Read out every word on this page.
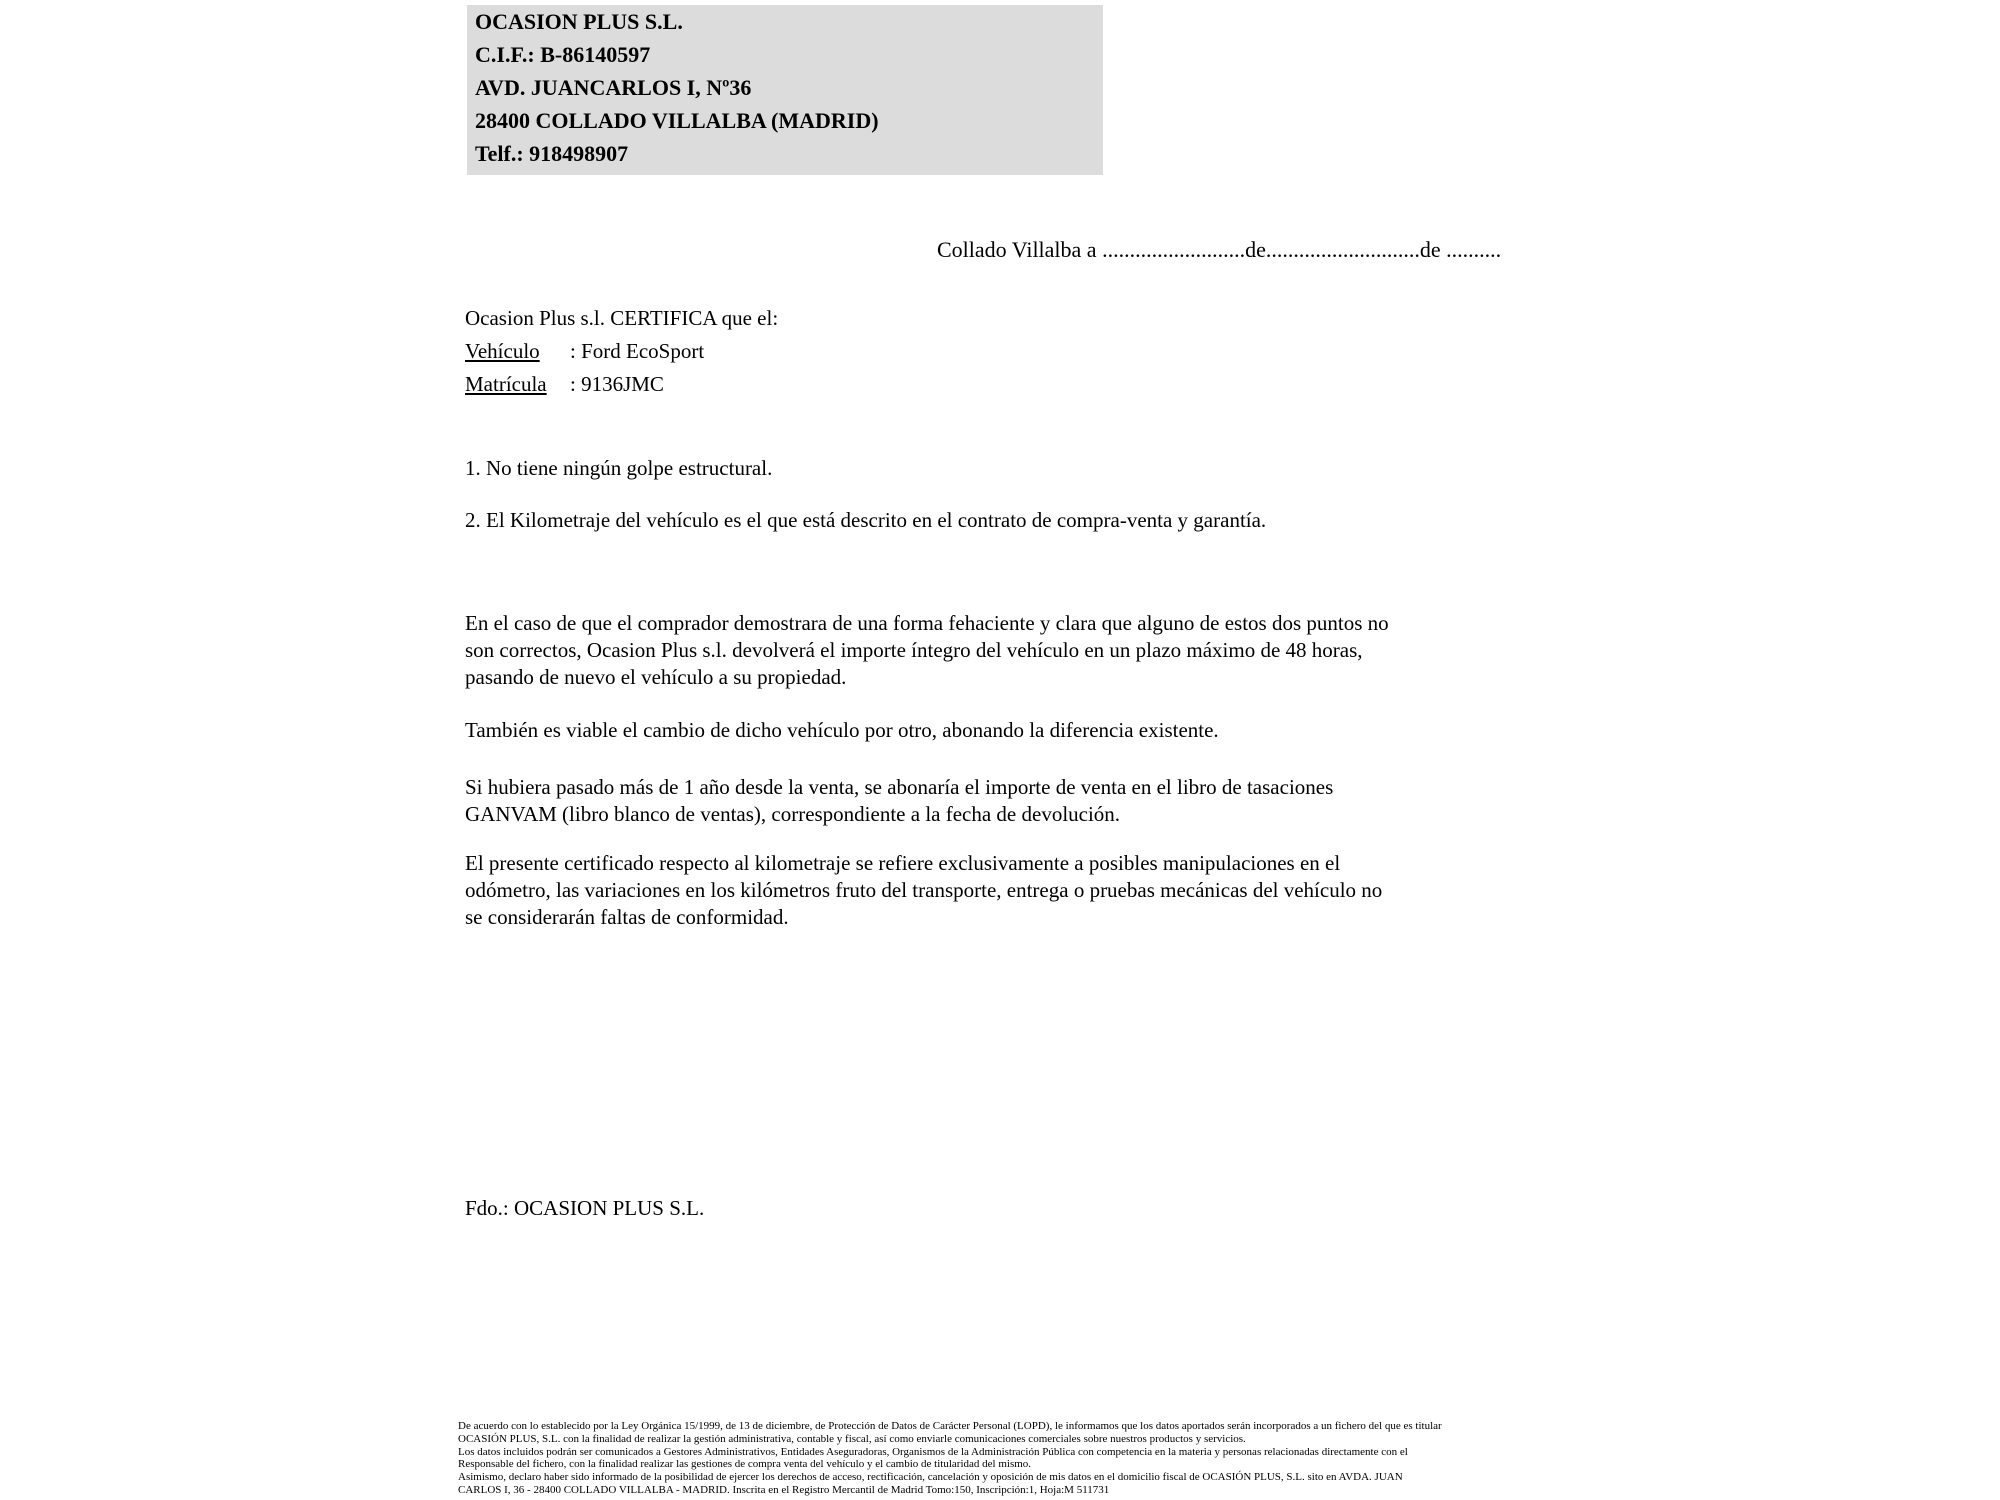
OCASION PLUS S.L.
C.I.F.: B-86140597
AVD. JUANCARLOS I, Nº36
28400 COLLADO VILLALBA (MADRID)
Telf.: 918498907
Collado Villalba a ..........................de............................de ..........
Ocasion Plus s.l. CERTIFICA que el:
Vehículo : Ford EcoSport
Matrícula : 9136JMC
1. No tiene ningún golpe estructural.
2. El Kilometraje del vehículo es el que está descrito en el contrato de compra-venta y garantía.
En el caso de que el comprador demostrara de una forma fehaciente y clara que alguno de estos dos puntos no
son correctos, Ocasion Plus s.l. devolverá el importe íntegro del vehículo en un plazo máximo de 48 horas,
pasando de nuevo el vehículo a su propiedad.
También es viable el cambio de dicho vehículo por otro, abonando la diferencia existente.
Si hubiera pasado más de 1 año desde la venta, se abonaría el importe de venta en el libro de tasaciones
GANVAM (libro blanco de ventas), correspondiente a la fecha de devolución.
El presente certificado respecto al kilometraje se refiere exclusivamente a posibles manipulaciones en el
odómetro, las variaciones en los kilómetros fruto del transporte, entrega o pruebas mecánicas del vehículo no
se considerarán faltas de conformidad.
Fdo.: OCASION PLUS S.L.
De acuerdo con lo establecido por la Ley Orgánica 15/1999, de 13 de diciembre, de Protección de Datos de Carácter Personal (LOPD), le informamos que los datos aportados serán incorporados a un fichero del que es titular
OCASIÓN PLUS, S.L. con la finalidad de realizar la gestión administrativa, contable y fiscal, así como enviarle comunicaciones comerciales sobre nuestros productos y servicios.
Los datos incluidos podrán ser comunicados a Gestores Administrativos, Entidades Aseguradoras, Organismos de la Administración Pública con competencia en la materia y personas relacionadas directamente con el
Responsable del fichero, con la finalidad realizar las gestiones de compra venta del vehículo y el cambio de titularidad del mismo.
Asimismo, declaro haber sido informado de la posibilidad de ejercer los derechos de acceso, rectificación, cancelación y oposición de mis datos en el domicilio fiscal de OCASIÓN PLUS, S.L. sito en AVDA. JUAN
CARLOS I, 36 - 28400 COLLADO VILLALBA - MADRID. Inscrita en el Registro Mercantil de Madrid Tomo:150, Inscripción:1, Hoja:M 511731
